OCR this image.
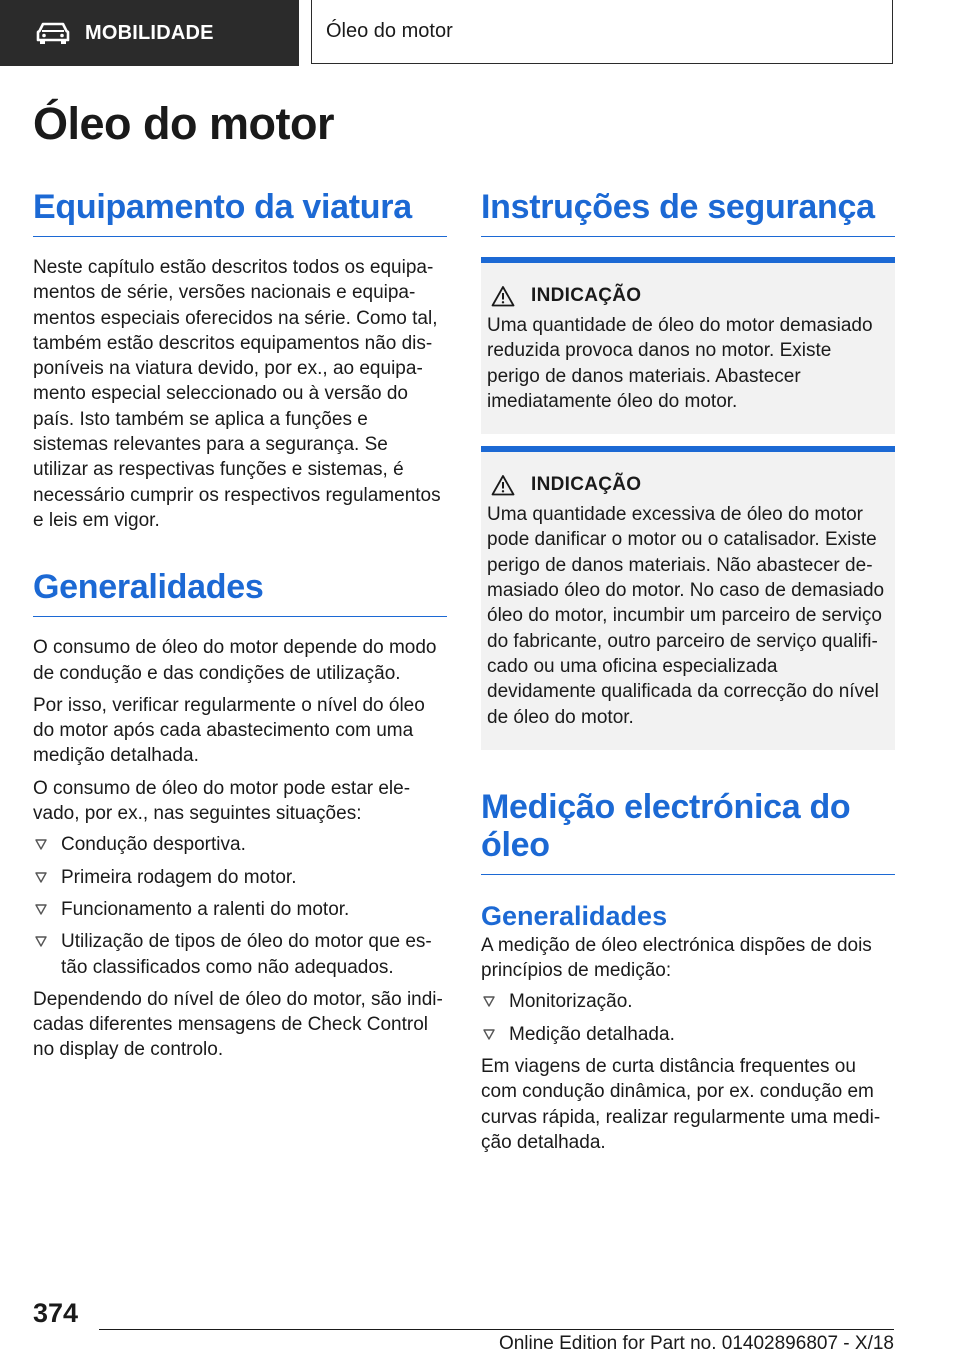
MOBILIDADE	Óleo do motor
Óleo do motor
Equipamento da viatura

Neste capítulo estão descritos todos os equipamentos de série, versões nacionais e equipamentos especiais oferecidos na série. Como tal, também estão descritos equipamentos não disponíveis na viatura devido, por ex., ao equipamento especial seleccionado ou à versão do país. Isto também se aplica a funções e sistemas relevantes para a segurança. Se utilizar as respectivas funções e sistemas, é necessário cumprir os respectivos regulamentos e leis em vigor.

Generalidades

O consumo de óleo do motor depende do modo de condução e das condições de utilização.

Por isso, verificar regularmente o nível do óleo do motor após cada abastecimento com uma medição detalhada.

O consumo de óleo do motor pode estar elevado, por ex., nas seguintes situações:

Condução desportiva.
Primeira rodagem do motor.
Funcionamento a ralenti do motor.
Utilização de tipos de óleo do motor que estão classificados como não adequados.

Dependendo do nível de óleo do motor, são indicadas diferentes mensagens de Check Control no display de controlo.

Instruções de segurança
INDICAÇÃO

Uma quantidade de óleo do motor demasiado reduzida provoca danos no motor. Existe perigo de danos materiais. Abastecer imediatamente óleo do motor.

INDICAÇÃO

Uma quantidade excessiva de óleo do motor pode danificar o motor ou o catalisador. Existe perigo de danos materiais. Não abastecer demasiado óleo do motor. No caso de demasiado óleo do motor, incumbir um parceiro de serviço do fabricante, outro parceiro de serviço qualificado ou uma oficina especializada devidamente qualificada da correcção do nível de óleo do motor.

Medição electrónica do óleo
Generalidades

A medição de óleo electrónica dispões de dois princípios de medição:

Monitorização.
Medição detalhada.

Em viagens de curta distância frequentes ou com condução dinâmica, por ex. condução em curvas rápida, realizar regularmente uma medição detalhada.

374
Online Edition for Part no. 01402896807 - X/18
